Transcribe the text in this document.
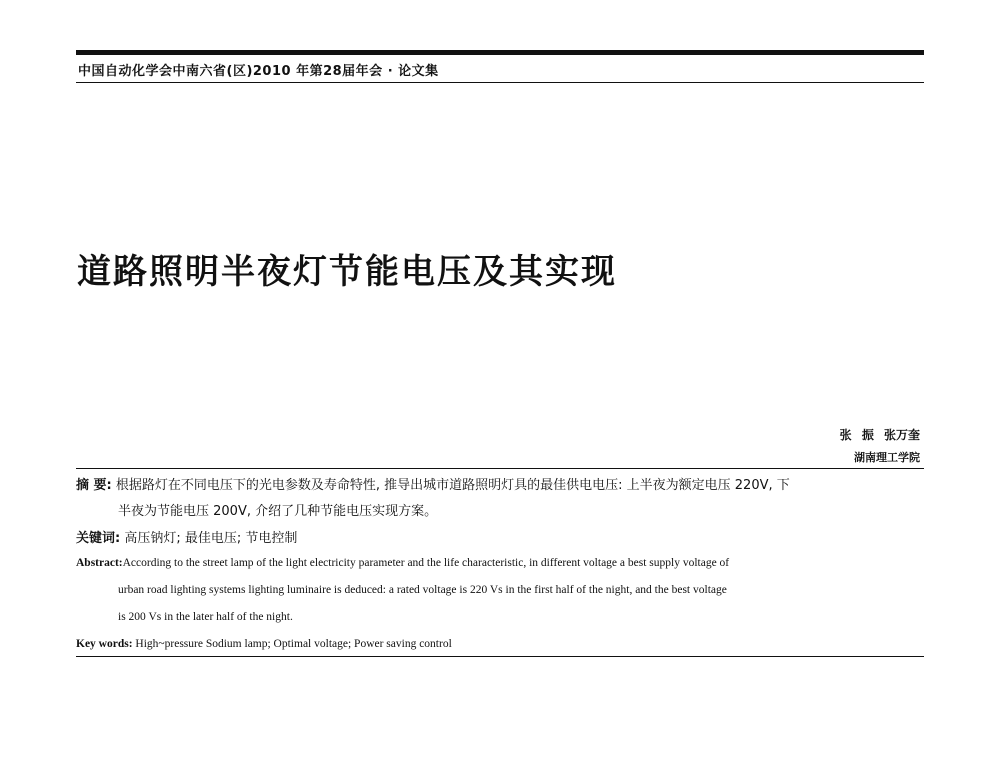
中国自动化学会中南六省(区)2010 年第28届年会 · 论文集
道路照明半夜灯节能电压及其实现
张 振 张万奎
湖南理工学院
摘 要: 根据路灯在不同电压下的光电参数及寿命特性, 推导出城市道路照明灯具的最佳供电电压: 上半夜为额定电压 220V, 下
半夜为节能电压 200V, 介绍了几种节能电压实现方案。
关键词: 高压钠灯; 最佳电压; 节电控制
Abstract:According to the street lamp of the light electricity parameter and the life characteristic, in different voltage a best supply voltage of
urban road lighting systems lighting luminaire is deduced: a rated voltage is 220 Vs in the first half of the night, and the best voltage
is 200 Vs in the later half of the night.
Key words: High~pressure Sodium lamp; Optimal voltage; Power saving control
